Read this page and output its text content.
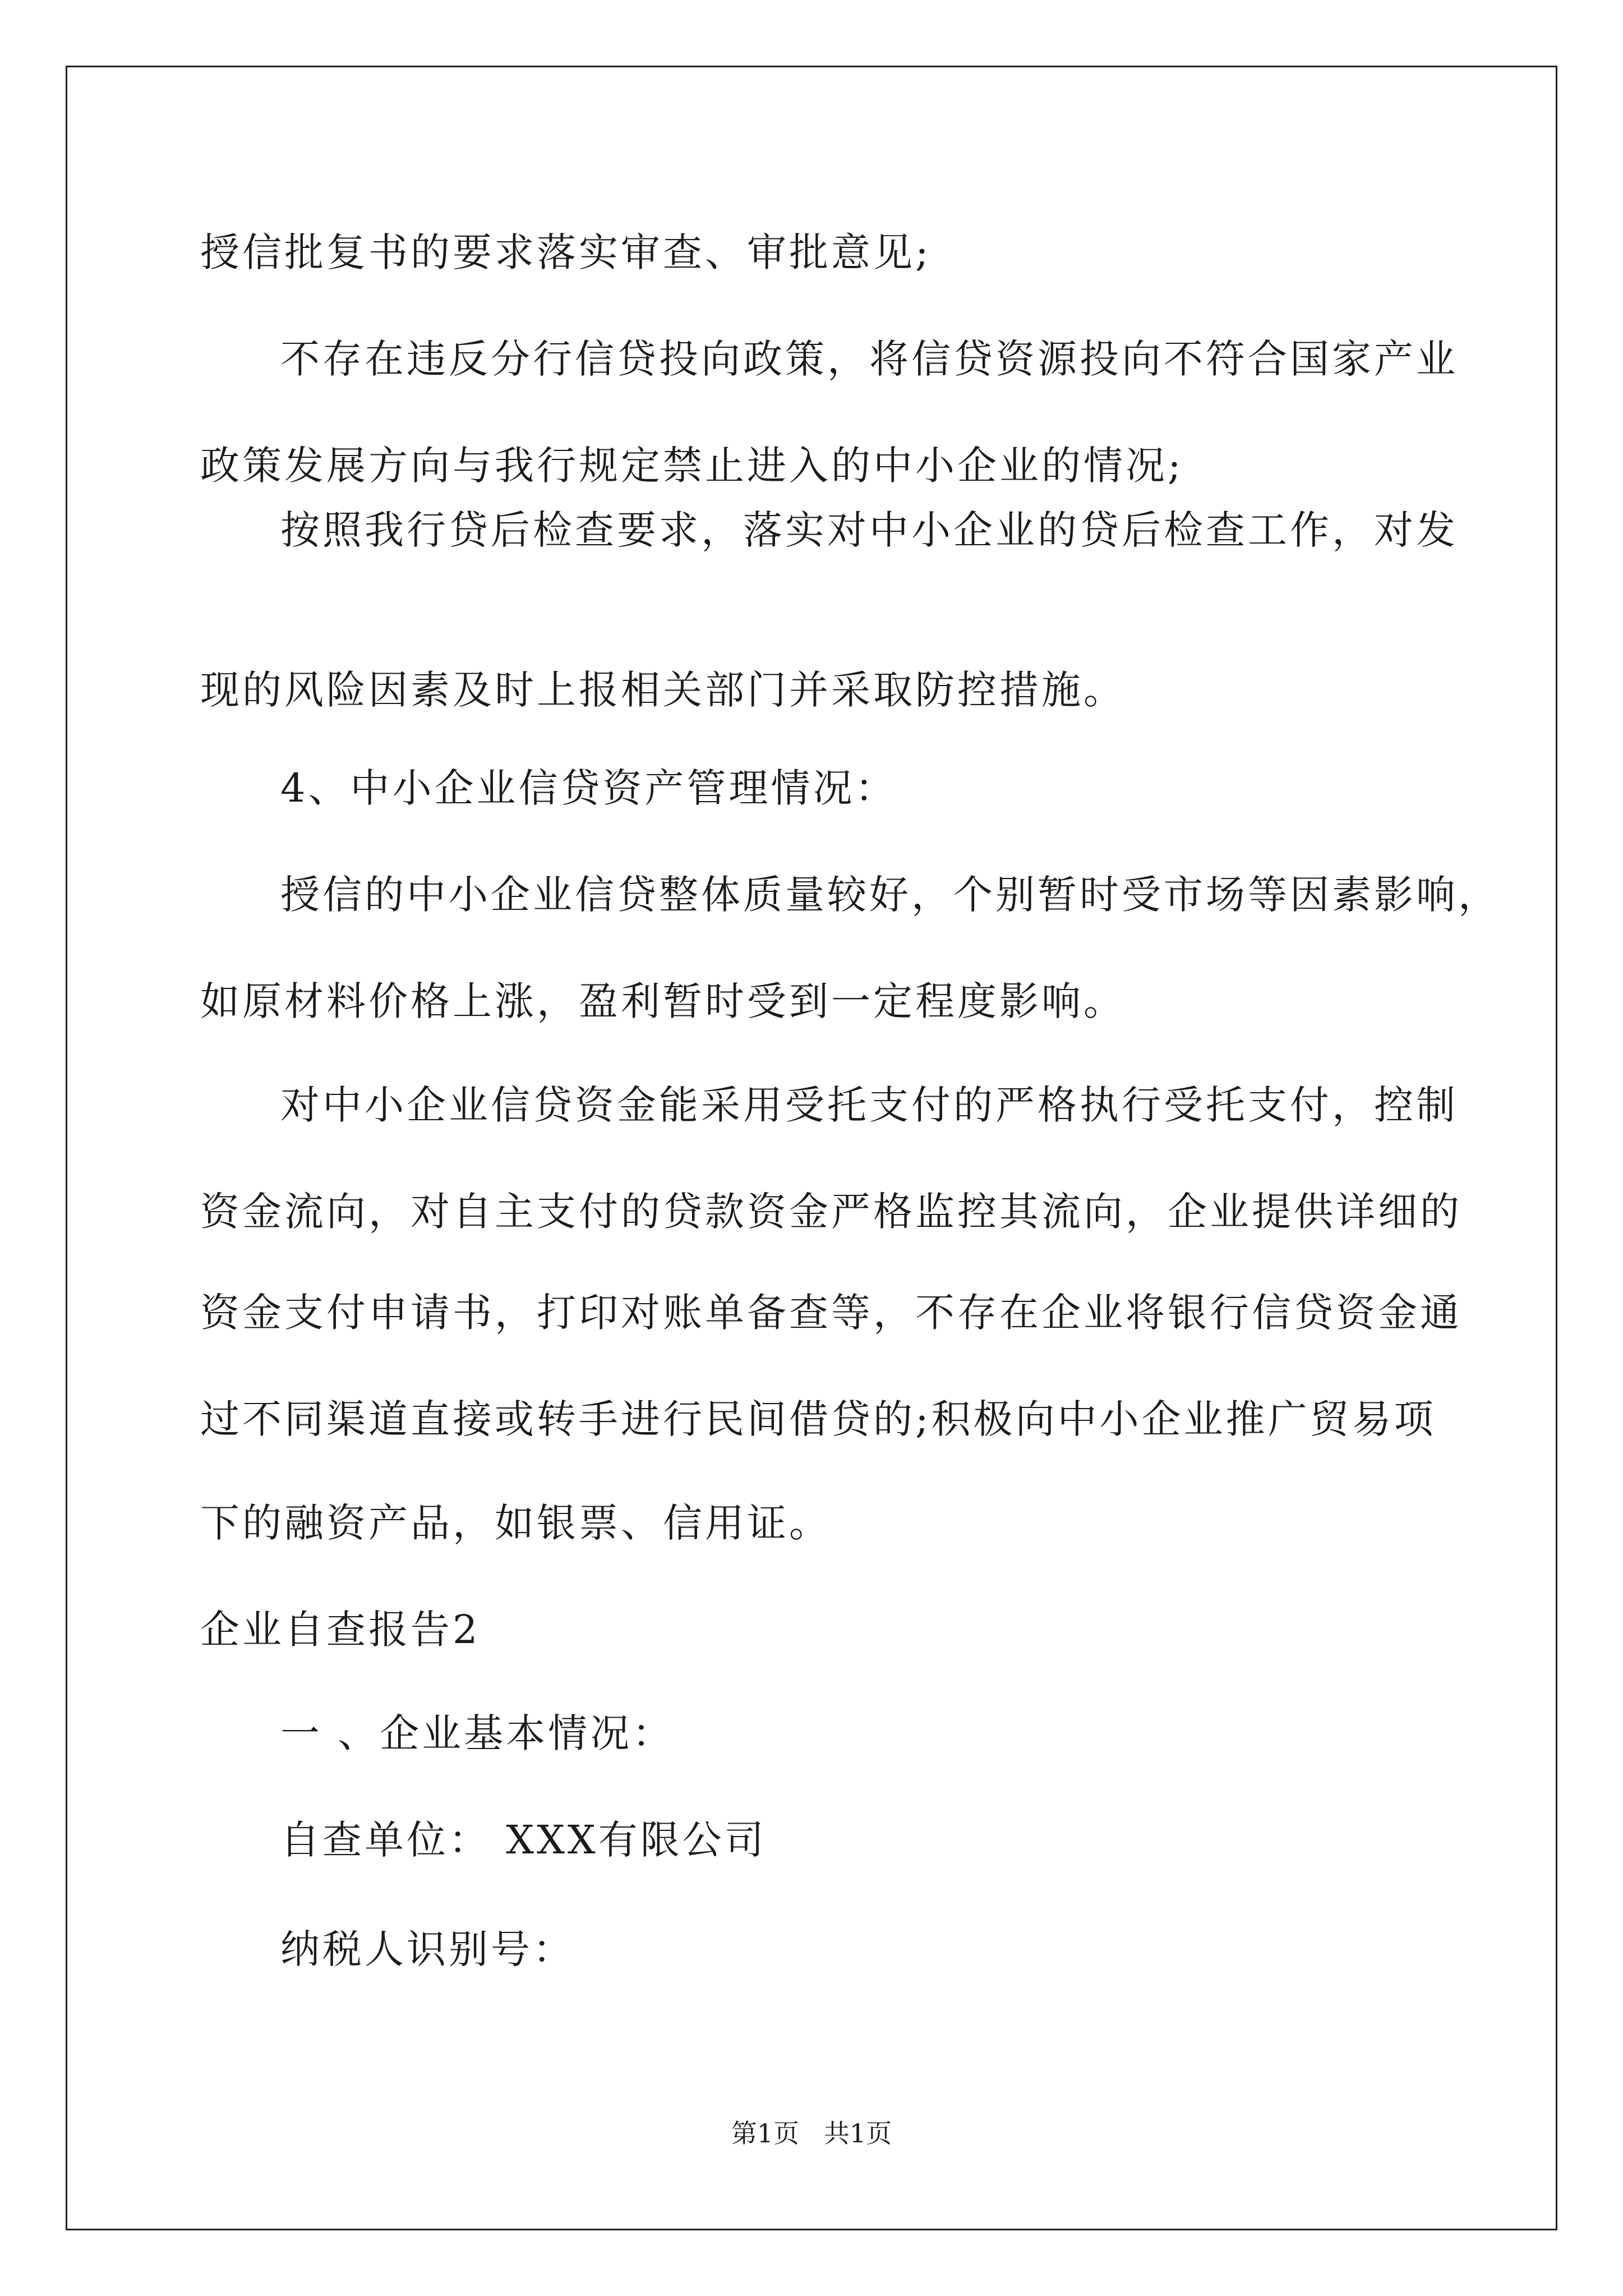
授信批复书的要求落实审查、审批意见;
不存在违反分行信贷投向政策，将信贷资源投向不符合国家产业
政策发展方向与我行规定禁止进入的中小企业的情况;
按照我行贷后检查要求，落实对中小企业的贷后检查工作，对发
现的风险因素及时上报相关部门并采取防控措施。
4、中小企业信贷资产管理情况：
授信的中小企业信贷整体质量较好，个别暂时受市场等因素影响，
如原材料价格上涨，盈利暂时受到一定程度影响。
对中小企业信贷资金能采用受托支付的严格执行受托支付，控制
资金流向，对自主支付的贷款资金严格监控其流向，企业提供详细的
资金支付申请书，打印对账单备查等，不存在企业将银行信贷资金通
过不同渠道直接或转手进行民间借贷的;积极向中小企业推广贸易项
下的融资产品，如银票、信用证。
企业自查报告2
一 、企业基本情况：
自查单位： XXX有限公司
纳税人识别号：
第1页   共1页
